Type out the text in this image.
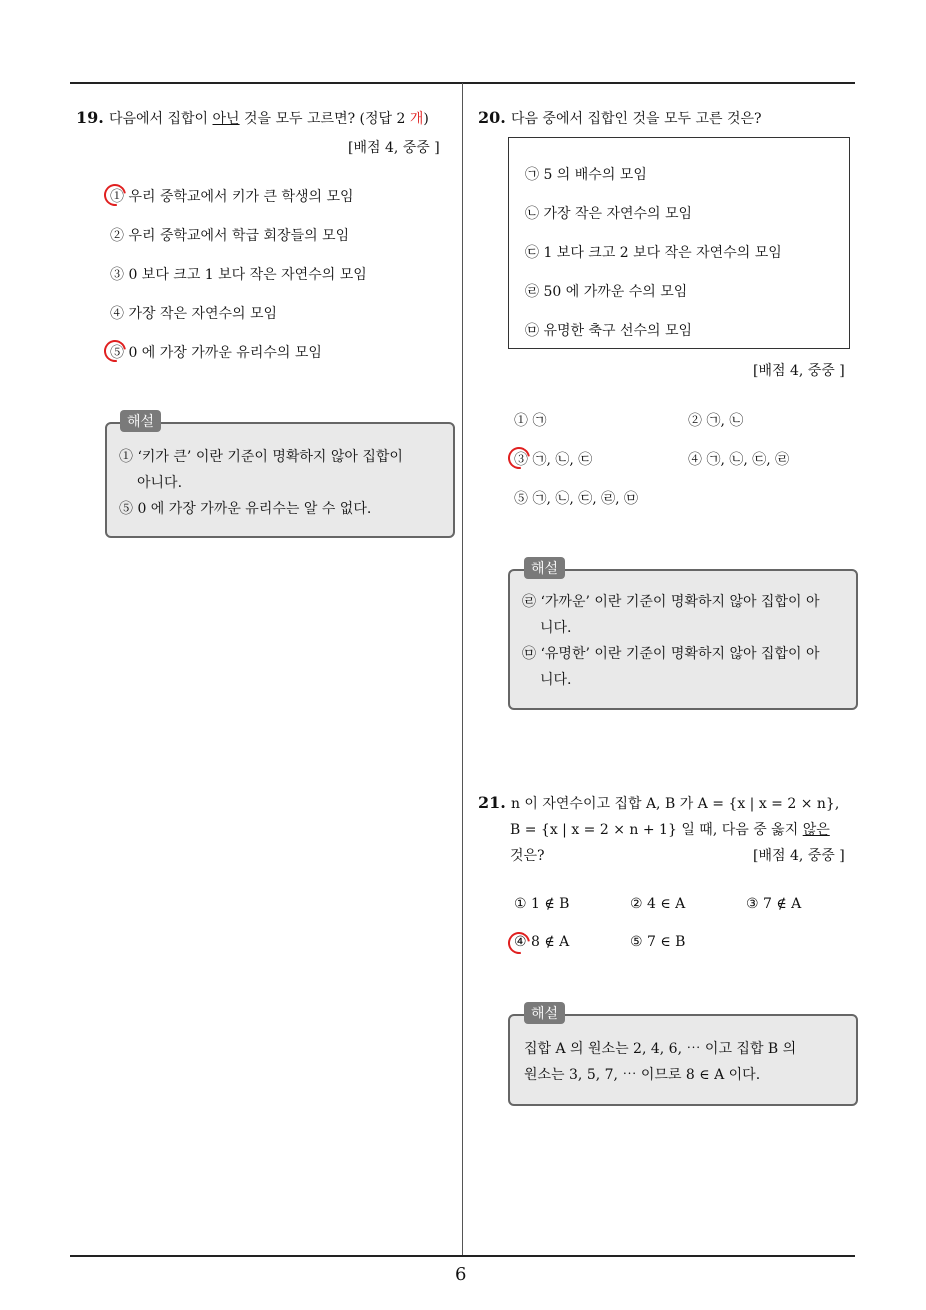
19. 다음에서 집합이 아닌 것을 모두 고르면? (정답 2 개)
[배점 4, 중중 ]
① 우리 중학교에서 키가 큰 학생의 모임
② 우리 중학교에서 학급 회장들의 모임
③ 0 보다 크고 1 보다 작은 자연수의 모임
④ 가장 작은 자연수의 모임
⑤ 0 에 가장 가까운 유리수의 모임
① ‘키가 큰’ 이란 기준이 명확하지 않아 집합이
아니다.
⑤ 0 에 가장 가까운 유리수는 알 수 없다.
해설
20. 다음 중에서 집합인 것을 모두 고른 것은?
㉠ 5 의 배수의 모임
㉡ 가장 작은 자연수의 모임
㉢ 1 보다 크고 2 보다 작은 자연수의 모임
㉣ 50 에 가까운 수의 모임
㉤ 유명한 축구 선수의 모임
[배점 4, 중중 ]
① ㉠	② ㉠, ㉡
③ ㉠, ㉡, ㉢	④ ㉠, ㉡, ㉢, ㉣
⑤ ㉠, ㉡, ㉢, ㉣, ㉤
㉣ ‘가까운’ 이란 기준이 명확하지 않아 집합이 아
니다.
㉤ ‘유명한’ 이란 기준이 명확하지 않아 집합이 아
니다.
해설
21. n 이 자연수이고 집합 A, B 가 A = {x | x = 2 × n},
B = {x | x = 2 × n + 1} 일 때, 다음 중 옳지 않은
것은?	[배점 4, 중중 ]
① 1 ∉ B	② 4 ∈ A	③ 7 ∉ A
④ 8 ∉ A	⑤ 7 ∈ B
집합 A 의 원소는 2, 4, 6, ⋯ 이고 집합 B 의
원소는 3, 5, 7, ⋯ 이므로 8 ∈ A 이다.
해설
6
